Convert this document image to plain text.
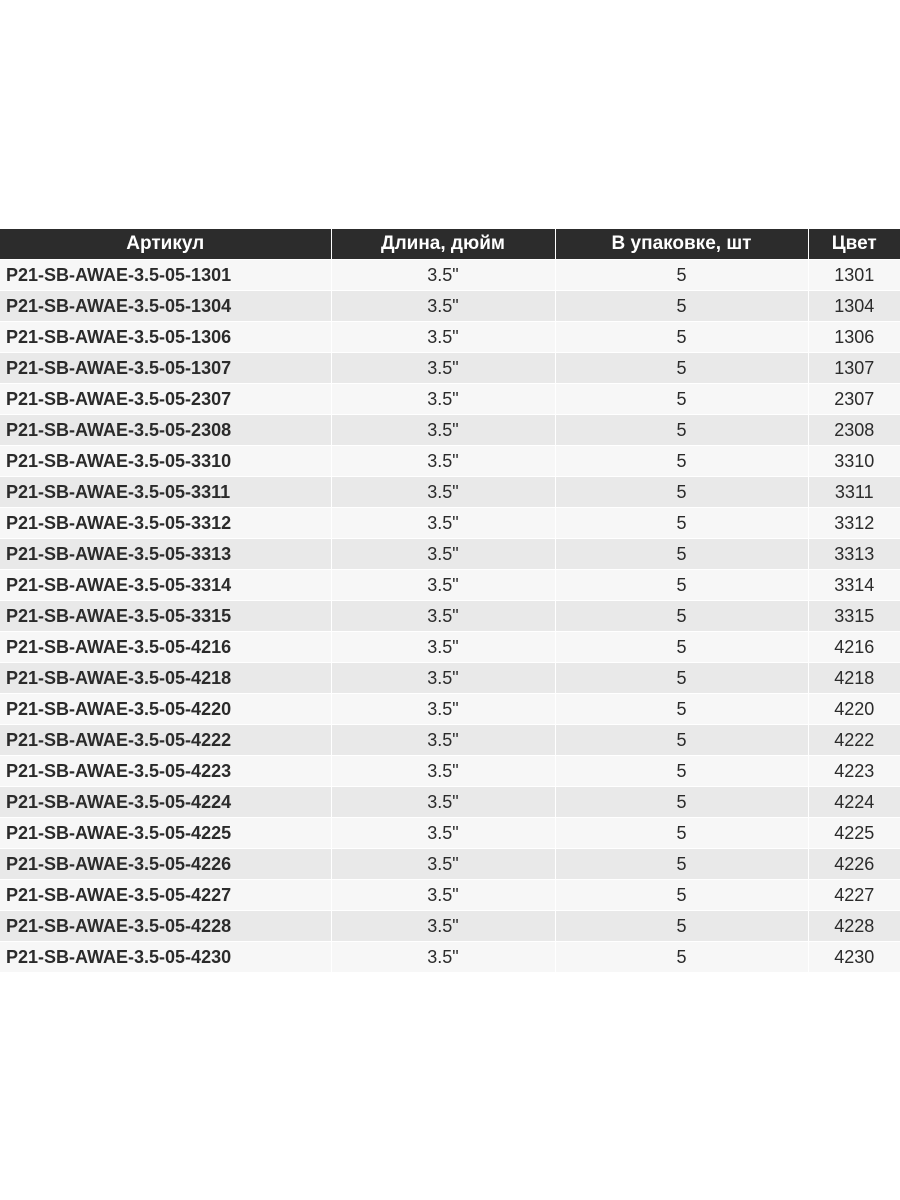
Артикул	Длина, дюйм	В упаковке, шт	Цвет
P21-SB-AWAE-3.5-05-1301	3.5"	5	1301
P21-SB-AWAE-3.5-05-1304	3.5"	5	1304
P21-SB-AWAE-3.5-05-1306	3.5"	5	1306
P21-SB-AWAE-3.5-05-1307	3.5"	5	1307
P21-SB-AWAE-3.5-05-2307	3.5"	5	2307
P21-SB-AWAE-3.5-05-2308	3.5"	5	2308
P21-SB-AWAE-3.5-05-3310	3.5"	5	3310
P21-SB-AWAE-3.5-05-3311	3.5"	5	3311
P21-SB-AWAE-3.5-05-3312	3.5"	5	3312
P21-SB-AWAE-3.5-05-3313	3.5"	5	3313
P21-SB-AWAE-3.5-05-3314	3.5"	5	3314
P21-SB-AWAE-3.5-05-3315	3.5"	5	3315
P21-SB-AWAE-3.5-05-4216	3.5"	5	4216
P21-SB-AWAE-3.5-05-4218	3.5"	5	4218
P21-SB-AWAE-3.5-05-4220	3.5"	5	4220
P21-SB-AWAE-3.5-05-4222	3.5"	5	4222
P21-SB-AWAE-3.5-05-4223	3.5"	5	4223
P21-SB-AWAE-3.5-05-4224	3.5"	5	4224
P21-SB-AWAE-3.5-05-4225	3.5"	5	4225
P21-SB-AWAE-3.5-05-4226	3.5"	5	4226
P21-SB-AWAE-3.5-05-4227	3.5"	5	4227
P21-SB-AWAE-3.5-05-4228	3.5"	5	4228
P21-SB-AWAE-3.5-05-4230	3.5"	5	4230
